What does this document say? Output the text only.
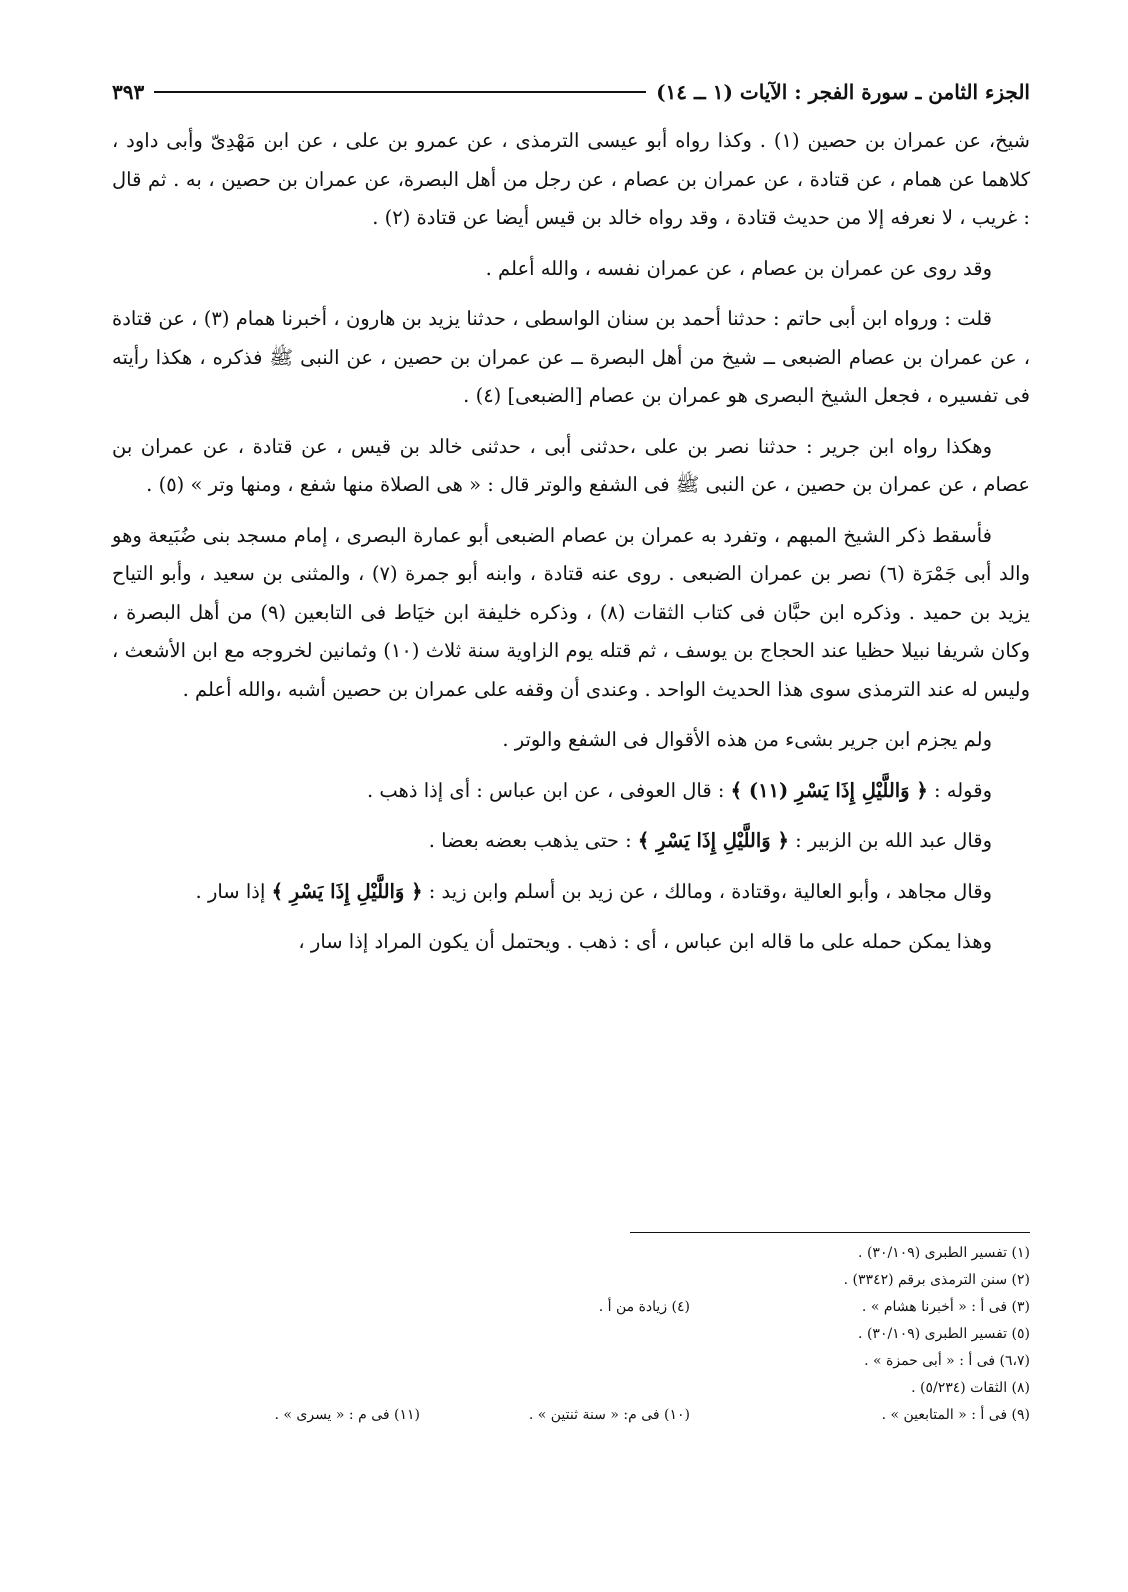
الجزء الثامن ـ سورة الفجر : الآيات (١ ــ ١٤)
٣٩٣

شيخ، عن عمران بن حصين (١) . وكذا رواه أبو عيسى الترمذى ، عن عمرو بن على ، عن ابن مَهْدِىّ وأبى داود ، كلاهما عن همام ، عن قتادة ، عن عمران بن عصام ، عن رجل من أهل البصرة، عن عمران بن حصين ، به . ثم قال : غريب ، لا نعرفه إلا من حديث قتادة ، وقد رواه خالد بن قيس أيضا عن قتادة (٢) .

وقد روى عن عمران بن عصام ، عن عمران نفسه ، والله أعلم .

قلت : ورواه ابن أبى حاتم : حدثنا أحمد بن سنان الواسطى ، حدثنا يزيد بن هارون ، أخبرنا همام (٣) ، عن قتادة ، عن عمران بن عصام الضبعى ــ شيخ من أهل البصرة ــ عن عمران بن حصين ، عن النبى ﷺ فذكره ، هكذا رأيته فى تفسيره ، فجعل الشيخ البصرى هو عمران بن عصام [الضبعى] (٤) .

وهكذا رواه ابن جرير : حدثنا نصر بن على ،حدثنى أبى ، حدثنى خالد بن قيس ، عن قتادة ، عن عمران بن عصام ، عن عمران بن حصين ، عن النبى ﷺ فى الشفع والوتر قال : « هى الصلاة منها شفع ، ومنها وتر » (٥) .

فأسقط ذكر الشيخ المبهم ، وتفرد به عمران بن عصام الضبعى أبو عمارة البصرى ، إمام مسجد بنى ضُبَيعة وهو والد أبى جَمْرَة (٦) نصر بن عمران الضبعى . روى عنه قتادة ، وابنه أبو جمرة (٧) ، والمثنى بن سعيد ، وأبو التياح يزيد بن حميد . وذكره ابن حبَّان فى كتاب الثقات (٨) ، وذكره خليفة ابن خيَاط فى التابعين (٩) من أهل البصرة ، وكان شريفا نبيلا حظيا عند الحجاج بن يوسف ، ثم قتله يوم الزاوية سنة ثلاث (١٠) وثمانين لخروجه مع ابن الأشعث ، وليس له عند الترمذى سوى هذا الحديث الواحد . وعندى أن وقفه على عمران بن حصين أشبه ،والله أعلم .

ولم يجزم ابن جرير بشىء من هذه الأقوال فى الشفع والوتر .

وقوله : ﴿ وَاللَّيْلِ إِذَا يَسْرِ (١١) ﴾ : قال العوفى ، عن ابن عباس : أى إذا ذهب .

وقال عبد الله بن الزبير : ﴿ وَاللَّيْلِ إِذَا يَسْرِ ﴾ : حتى يذهب بعضه بعضا .

وقال مجاهد ، وأبو العالية ،وقتادة ، ومالك ، عن زيد بن أسلم وابن زيد : ﴿ وَاللَّيْلِ إِذَا يَسْرِ ﴾ إذا سار .

وهذا يمكن حمله على ما قاله ابن عباس ، أى : ذهب . ويحتمل أن يكون المراد إذا سار ،

(١) تفسير الطبرى (٣٠/١٠٩) .
(٢) سنن الترمذى برقم (٣٣٤٢) .
(٣) فى أ : « أخبرنا هشام » .
(٤) زيادة من أ .
(٥) تفسير الطبرى (٣٠/١٠٩) .
(٦،٧) فى أ : « أبى حمزة » .
(٨) الثقات (٥/٢٣٤) .
(٩) فى أ : « المتابعين » .
(١٠) فى م: « سنة ثنتين » .
(١١) فى م : « يسرى » .
